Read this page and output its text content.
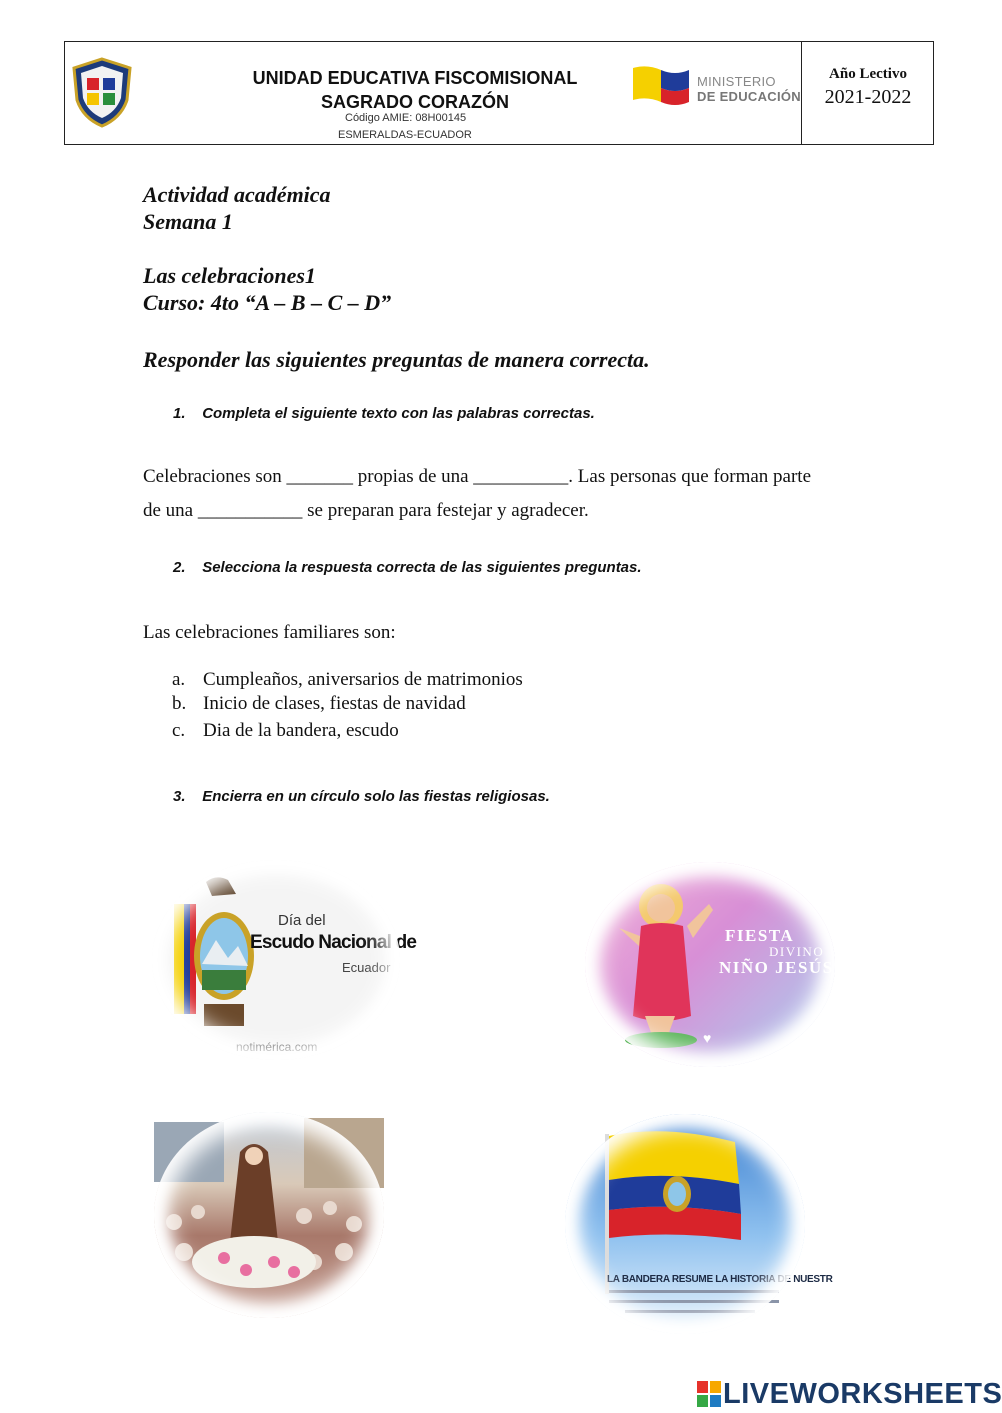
UNIDAD EDUCATIVA FISCOMISIONAL
SAGRADO CORAZÓN
Código AMIE: 08H00145
ESMERALDAS-ECUADOR
MINISTERIO
DE EDUCACIÓN
Año Lectivo
2021-2022
Actividad académica
Semana 1
Las celebraciones1
Curso: 4to “A – B – C – D”
Responder las siguientes preguntas de manera correcta.
1. Completa el siguiente texto con las palabras correctas.
Celebraciones son _______ propias de una __________. Las personas que forman parte
de una ___________ se preparan para festejar y agradecer.
2. Selecciona la respuesta correcta de las siguientes preguntas.
Las celebraciones familiares son:
a. Cumpleaños, aniversarios de matrimonios
b. Inicio de clases, fiestas de navidad
c. Dia de la bandera, escudo
3. Encierra en un círculo solo las fiestas religiosas.
Día del
Escudo Nacional de
Ecuador
notimérica.com
FIESTA
DIVINO
NIÑO JESÚS
♥
LA BANDERA RESUME LA HISTORIA DE NUESTR
LIVEWORKSHEETS
